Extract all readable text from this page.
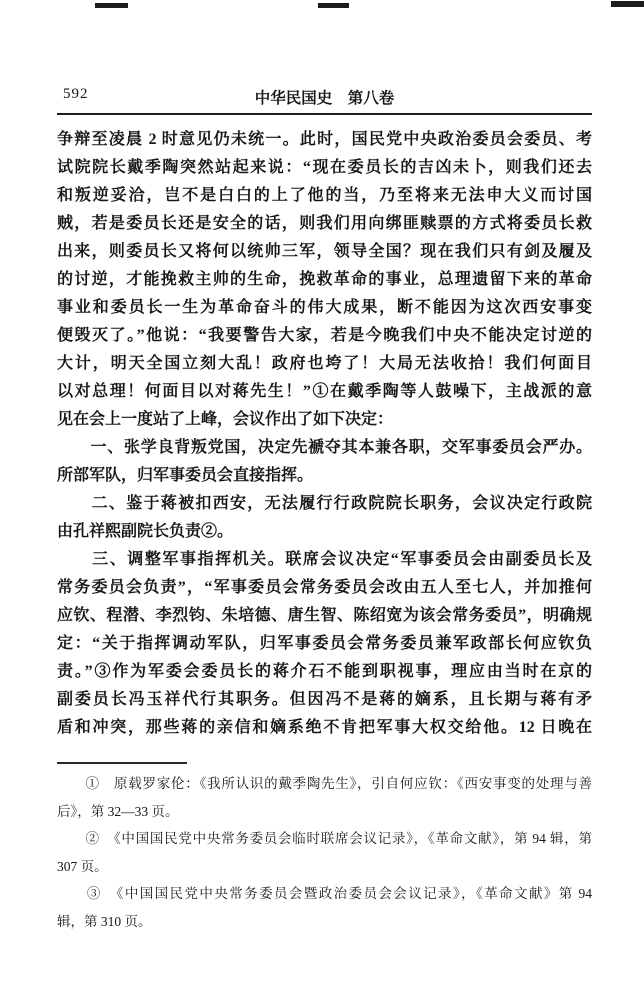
592	中华民国史　第八卷
争辩至凌晨 2 时意见仍未统一。此时，国民党中央政治委员会委员、考
试院院长戴季陶突然站起来说：“现在委员长的吉凶未卜，则我们还去
和叛逆妥洽，岂不是白白的上了他的当，乃至将来无法申大义而讨国
贼，若是委员长还是安全的话，则我们用向绑匪赎票的方式将委员长救
出来，则委员长又将何以统帅三军，领导全国？现在我们只有剑及履及
的讨逆，才能挽救主帅的生命，挽救革命的事业，总理遗留下来的革命
事业和委员长一生为革命奋斗的伟大成果，断不能因为这次西安事变
便毁灭了。”他说：“我要警告大家，若是今晚我们中央不能决定讨逆的
大计，明天全国立刻大乱！政府也垮了！大局无法收拾！我们何面目
以对总理！何面目以对蒋先生！”①在戴季陶等人鼓噪下，主战派的意
见在会上一度站了上峰，会议作出了如下决定：
　　一、张学良背叛党国，决定先褫夺其本兼各职，交军事委员会严办。
所部军队，归军事委员会直接指挥。
　　二、鉴于蒋被扣西安，无法履行行政院院长职务，会议决定行政院
由孔祥熙副院长负责②。
　　三、调整军事指挥机关。联席会议决定“军事委员会由副委员长及
常务委员会负责”，“军事委员会常务委员会改由五人至七人，并加推何
应钦、程潜、李烈钧、朱培德、唐生智、陈绍宽为该会常务委员”，明确规
定：“关于指挥调动军队，归军事委员会常务委员兼军政部长何应钦负
责。”③作为军委会委员长的蒋介石不能到职视事，理应由当时在京的
副委员长冯玉祥代行其职务。但因冯不是蒋的嫡系，且长期与蒋有矛
盾和冲突，那些蒋的亲信和嫡系绝不肯把军事大权交给他。12 日晚在
　　①　原载罗家伦：《我所认识的戴季陶先生》，引自何应钦：《西安事变的处理与善
后》，第 32—33 页。
　　②　《中国国民党中央常务委员会临时联席会议记录》，《革命文献》，第 94 辑，第
307 页。
　　③　《中国国民党中央常务委员会暨政治委员会会议记录》，《革命文献》第 94
辑，第 310 页。
